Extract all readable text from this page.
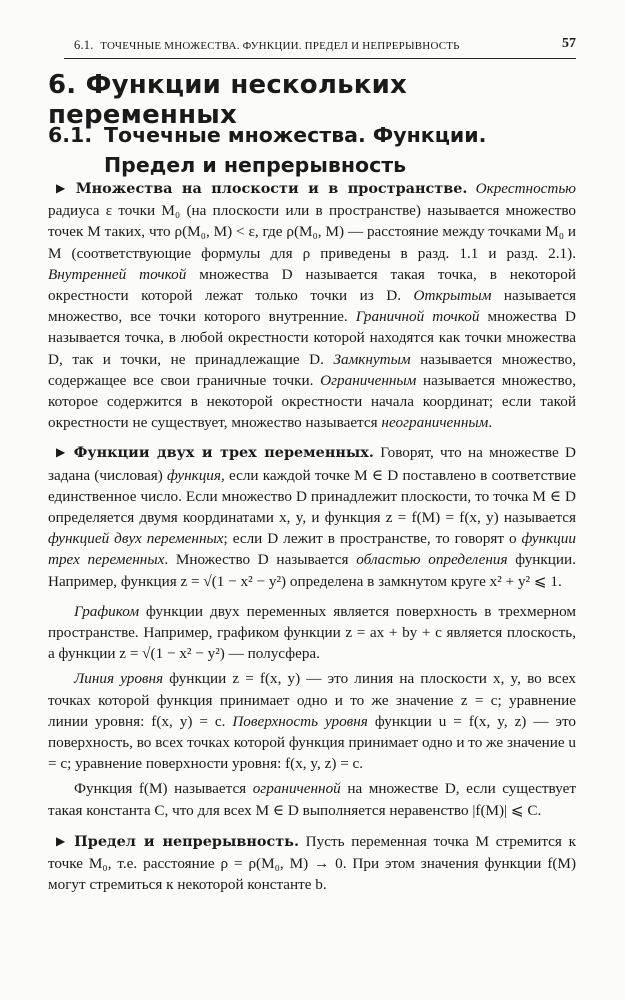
6.1. ТОЧЕЧНЫЕ МНОЖЕСТВА. ФУНКЦИИ. ПРЕДЕЛ И НЕПРЕРЫВНОСТЬ	57
6. Функции нескольких переменных
6.1. Точечные множества. Функции.
Предел и непрерывность

▶ Множества на плоскости и в пространстве. Окрестностью радиуса ε точки M₀ (на плоскости или в пространстве) называется множество точек M таких, что ρ(M₀, M) < ε, где ρ(M₀, M) — расстояние между точками M₀ и M (соответствующие формулы для ρ приведены в разд. 1.1 и разд. 2.1). Внутренней точкой множества D называется такая точка, в некоторой окрестности которой лежат только точки из D. Открытым называется множество, все точки которого внутренние. Граничной точкой множества D называется точка, в любой окрестности которой находятся как точки множества D, так и точки, не принадлежащие D. Замкнутым называется множество, содержащее все свои граничные точки. Ограниченным называется множество, которое содержится в некоторой окрестности начала координат; если такой окрестности не существует, множество называется неограниченным.

▶ Функции двух и трех переменных. Говорят, что на множестве D задана (числовая) функция, если каждой точке M ∈ D поставлено в соответствие единственное число. Если множество D принадлежит плоскости, то точка M ∈ D определяется двумя координатами x, y, и функция z = f(M) = f(x, y) называется функцией двух переменных; если D лежит в пространстве, то говорят о функции трех переменных. Множество D называется областью определения функции. Например, функция z = √(1 − x² − y²) определена в замкнутом круге x² + y² ⩽ 1.

Графиком функции двух переменных является поверхность в трехмерном пространстве. Например, графиком функции z = ax + by + c является плоскость, а функции z = √(1 − x² − y²) — полусфера.

Линия уровня функции z = f(x, y) — это линия на плоскости x, y, во всех точках которой функция принимает одно и то же значение z = c; уравнение линии уровня: f(x, y) = c. Поверхность уровня функции u = f(x, y, z) — это поверхность, во всех точках которой функция принимает одно и то же значение u = c; уравнение поверхности уровня: f(x, y, z) = c.

Функция f(M) называется ограниченной на множестве D, если существует такая константа C, что для всех M ∈ D выполняется неравенство |f(M)| ⩽ C.

▶ Предел и непрерывность. Пусть переменная точка M стремится к точке M₀, т.е. расстояние ρ = ρ(M₀, M) → 0. При этом значения функции f(M) могут стремиться к некоторой константе b.
